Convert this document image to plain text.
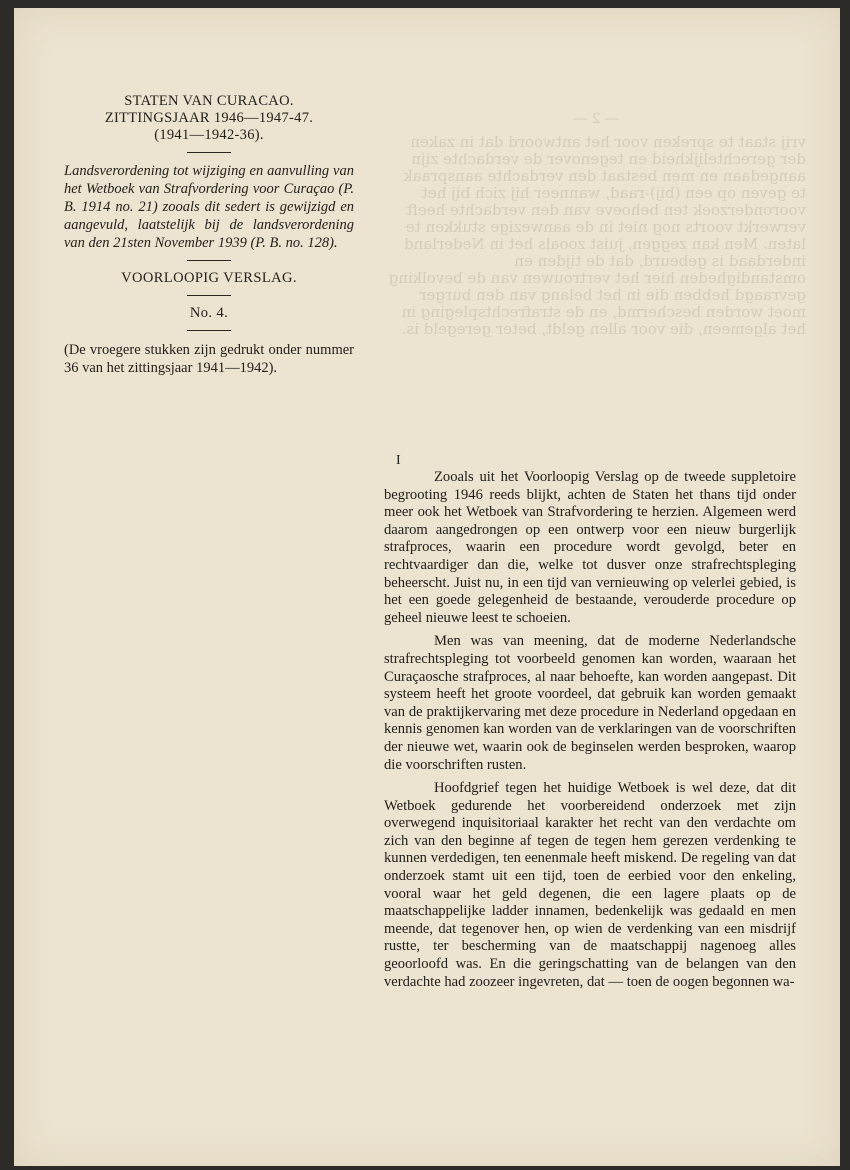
— 2 —
vrij staat te spreken voor het antwoord dat in zaken der gerechtelijkheid en tegenover de verdachte zijn aangedaan en men bestaat den verdachte aanspraak te geven op een (bij)-raad, wanneer hij zich bij het vooronderzoek ten behoeve van den verdachte heeft verwerkt voorts nog niet in de aanwezige stukken te laten. Men kan zeggen, juist zooals het in Nederland inderdaad is gebeurd, dat de tijden en omstandigheden hier het vertrouwen van de bevolking gevraagd hebben die in het belang van den burger moet worden beschermd, en de strafrechtspleging in het algemeen, die voor allen geldt, beter geregeld is.
STATEN VAN CURACAO.
ZITTINGSJAAR 1946—1947-47.
(1941—1942-36).
Landsverordening tot wijziging en aanvulling van het Wetboek van Strafvordering voor Curaçao (P. B. 1914 no. 21) zooals dit sedert is gewijzigd en aangevuld, laatstelijk bij de landsverordening van den 21sten November 1939 (P. B. no. 128).
VOORLOOPIG VERSLAG.
No. 4.
(De vroegere stukken zijn gedrukt onder nummer 36 van het zittingsjaar 1941—1942).
I

Zooals uit het Voorloopig Verslag op de tweede suppletoire begrooting 1946 reeds blijkt, achten de Staten het thans tijd onder meer ook het Wetboek van Strafvordering te herzien. Algemeen werd daarom aangedrongen op een ontwerp voor een nieuw burgerlijk strafproces, waarin een procedure wordt gevolgd, beter en rechtvaardiger dan die, welke tot dusver onze strafrechtspleging beheerscht. Juist nu, in een tijd van vernieuwing op velerlei gebied, is het een goede gelegenheid de bestaande, verouderde procedure op geheel nieuwe leest te schoeien.

Men was van meening, dat de moderne Nederlandsche strafrechtspleging tot voorbeeld genomen kan worden, waaraan het Curaçaosche strafproces, al naar behoefte, kan worden aangepast. Dit systeem heeft het groote voordeel, dat gebruik kan worden gemaakt van de praktijkervaring met deze procedure in Nederland opgedaan en kennis genomen kan worden van de verklaringen van de voorschriften der nieuwe wet, waarin ook de beginselen werden besproken, waarop die voorschriften rusten.

Hoofdgrief tegen het huidige Wetboek is wel deze, dat dit Wetboek gedurende het voorbereidend onderzoek met zijn overwegend inquisitoriaal karakter het recht van den verdachte om zich van den beginne af tegen de tegen hem gerezen verdenking te kunnen verdedigen, ten eenenmale heeft miskend. De regeling van dat onderzoek stamt uit een tijd, toen de eerbied voor den enkeling, vooral waar het geld degenen, die een lagere plaats op de maatschappelijke ladder innamen, bedenkelijk was gedaald en men meende, dat tegenover hen, op wien de verdenking van een misdrijf rustte, ter bescherming van de maatschappij nagenoeg alles geoorloofd was. En die geringschatting van de belangen van den verdachte had zoozeer ingevreten, dat — toen de oogen begonnen wa-
